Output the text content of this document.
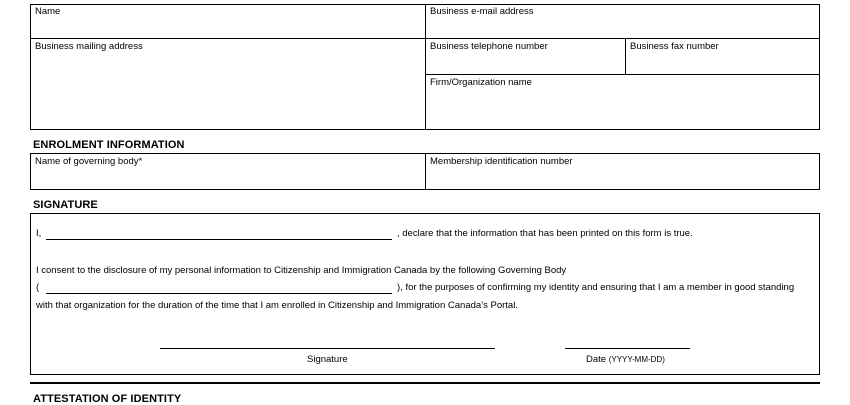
Name	Business e-mail address
Business mailing address	Business telephone number	Business fax number
Firm/Organization name
ENROLMENT INFORMATION
Name of governing body*	Membership identification number
SIGNATURE
I,	, declare that the information that has been printed on this form is true.
I consent to the disclosure of my personal information to Citizenship and Immigration Canada by the following Governing Body
(	), for the purposes of confirming my identity and ensuring that I am a member in good standing
with that organization for the duration of the time that I am enrolled in Citizenship and Immigration Canada’s Portal.
Signature	Date (YYYY-MM-DD)
ATTESTATION OF IDENTITY
